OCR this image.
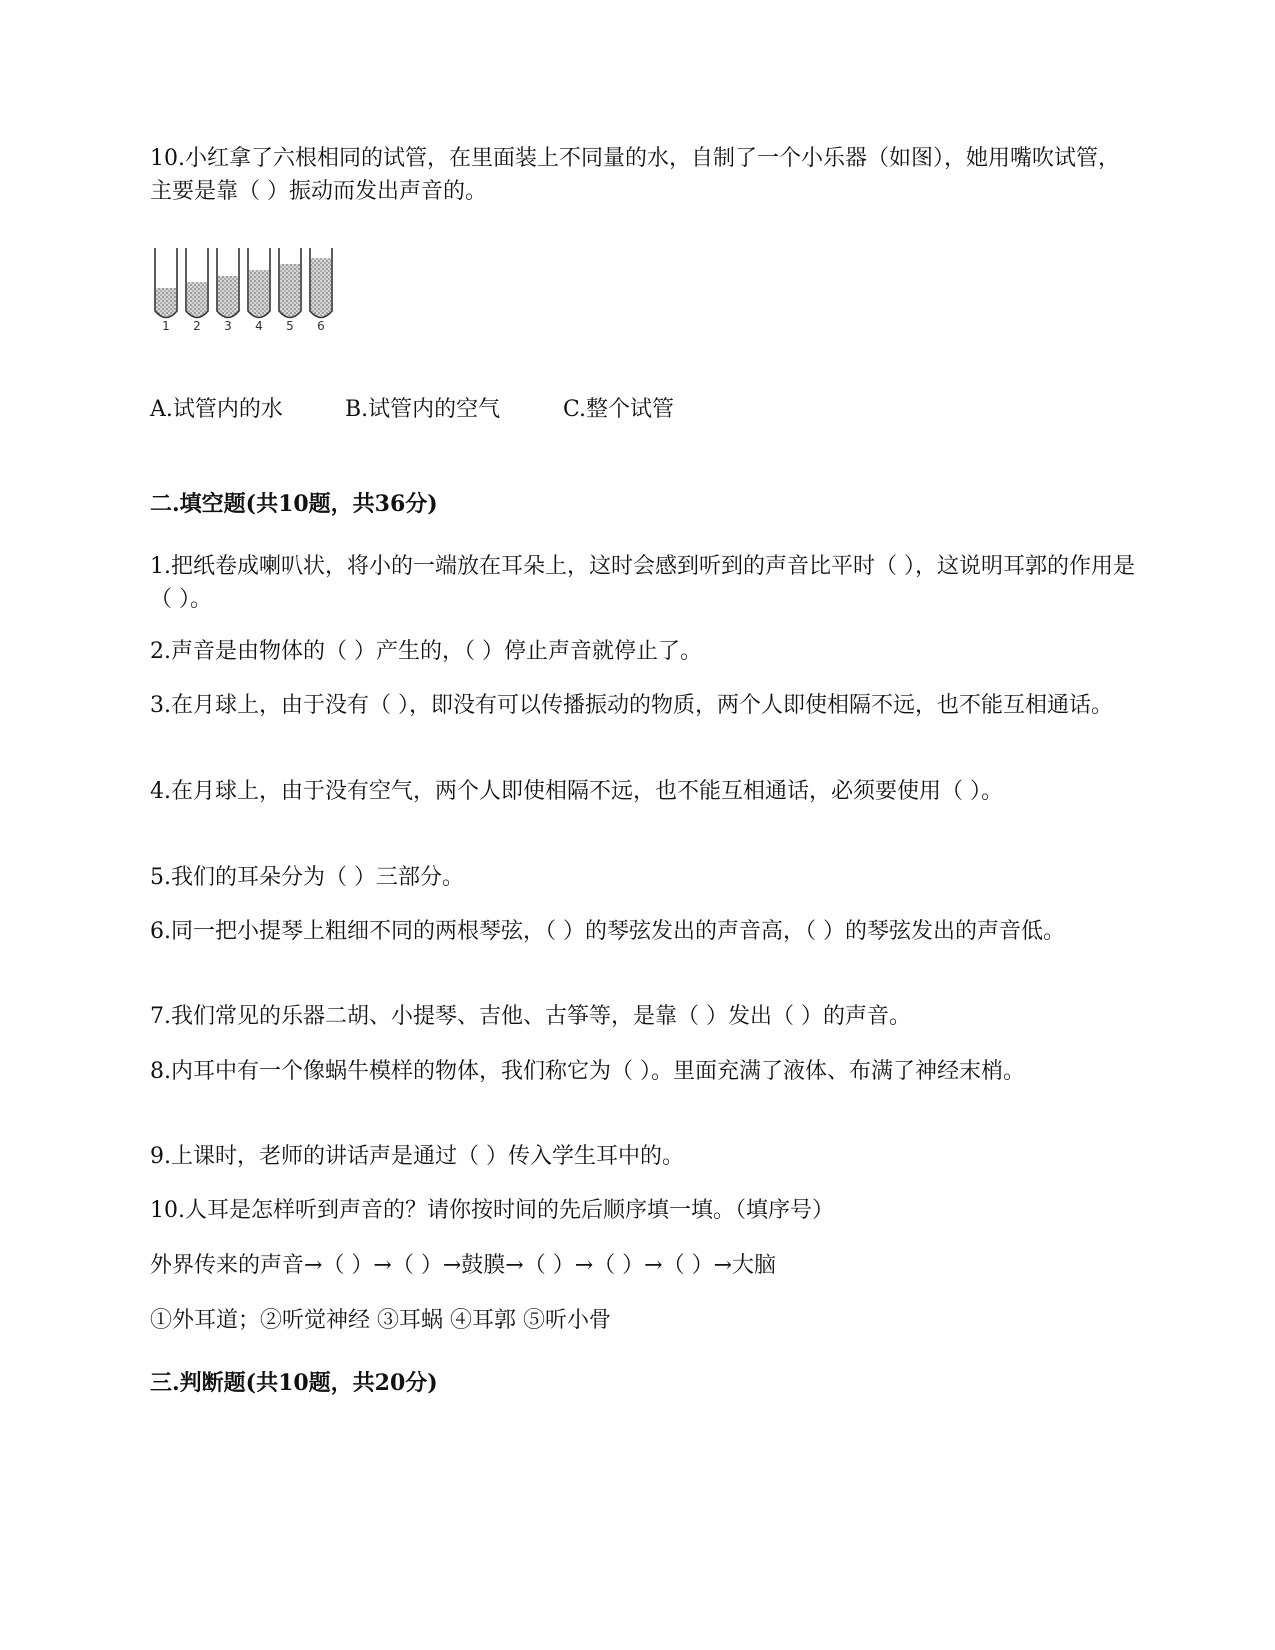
10.小红拿了六根相同的试管，在里面装上不同量的水，自制了一个小乐器（如图），她用嘴吹试管，主要是靠（ ）振动而发出声音的。

1 2 3 4 5 6
A.试管内的水	B.试管内的空气	C.整个试管

二.填空题(共10题，共36分)

1.把纸卷成喇叭状，将小的一端放在耳朵上，这时会感到听到的声音比平时（ ），这说明耳郭的作用是（ ）。

2.声音是由物体的（ ）产生的，（ ）停止声音就停止了。

3.在月球上，由于没有（ ），即没有可以传播振动的物质，两个人即使相隔不远，也不能互相通话。

4.在月球上，由于没有空气，两个人即使相隔不远，也不能互相通话，必须要使用（ ）。

5.我们的耳朵分为（ ）三部分。

6.同一把小提琴上粗细不同的两根琴弦，（ ）的琴弦发出的声音高，（ ）的琴弦发出的声音低。

7.我们常见的乐器二胡、小提琴、吉他、古筝等，是靠（ ）发出（ ）的声音。

8.内耳中有一个像蜗牛模样的物体，我们称它为（ ）。里面充满了液体、布满了神经末梢。

9.上课时，老师的讲话声是通过（ ）传入学生耳中的。

10.人耳是怎样听到声音的？请你按时间的先后顺序填一填。（填序号）

外界传来的声音→（ ）→（ ）→鼓膜→（ ）→（ ）→（ ）→大脑

①外耳道；②听觉神经 ③耳蜗 ④耳郭 ⑤听小骨

三.判断题(共10题，共20分)
